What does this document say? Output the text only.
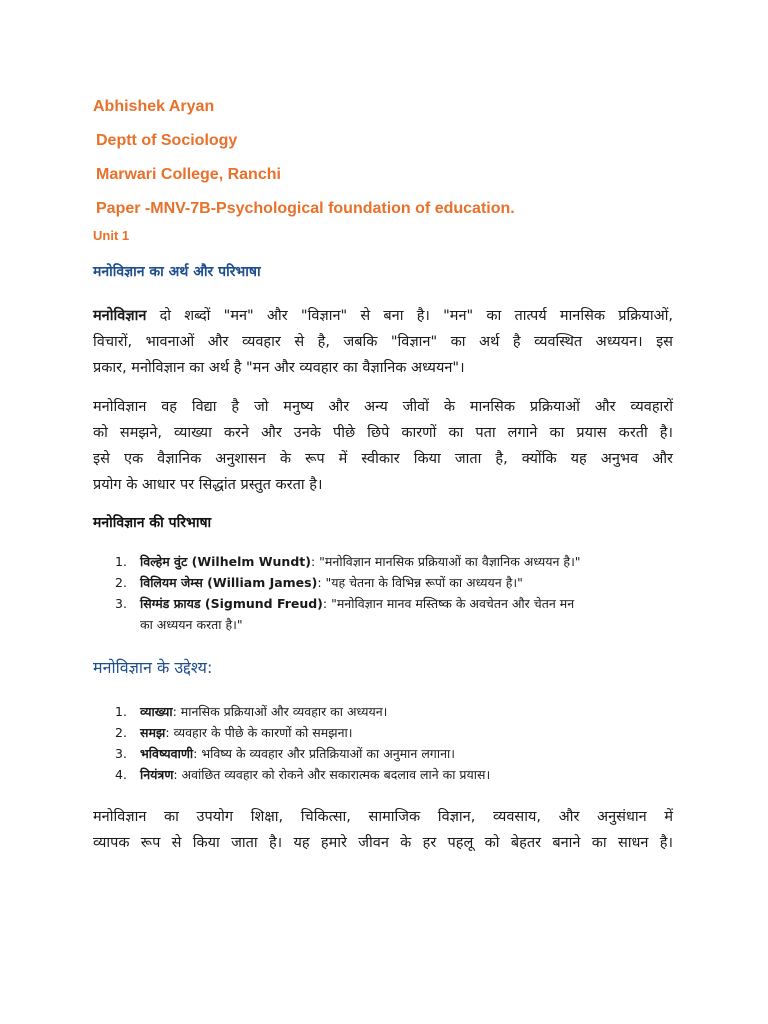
Abhishek Aryan
Deptt of Sociology
Marwari College, Ranchi
Paper -MNV-7B-Psychological foundation of education.
Unit 1
मनोविज्ञान का अर्थ और परिभाषा
मनोविज्ञान दो शब्दों "मन" और "विज्ञान" से बना है। "मन" का तात्पर्य मानसिक प्रक्रियाओं,
विचारों, भावनाओं और व्यवहार से है, जबकि "विज्ञान" का अर्थ है व्यवस्थित अध्ययन। इस
प्रकार, मनोविज्ञान का अर्थ है "मन और व्यवहार का वैज्ञानिक अध्ययन"।
मनोविज्ञान वह विद्या है जो मनुष्य और अन्य जीवों के मानसिक प्रक्रियाओं और व्यवहारों
को समझने, व्याख्या करने और उनके पीछे छिपे कारणों का पता लगाने का प्रयास करती है।
इसे एक वैज्ञानिक अनुशासन के रूप में स्वीकार किया जाता है, क्योंकि यह अनुभव और
प्रयोग के आधार पर सिद्धांत प्रस्तुत करता है।
मनोविज्ञान की परिभाषा
1. विल्हेम वुंट (Wilhelm Wundt): "मनोविज्ञान मानसिक प्रक्रियाओं का वैज्ञानिक अध्ययन है।"
2. विलियम जेम्स (William James): "यह चेतना के विभिन्न रूपों का अध्ययन है।"
3. सिग्मंड फ्रायड (Sigmund Freud): "मनोविज्ञान मानव मस्तिष्क के अवचेतन और चेतन मन
का अध्ययन करता है।"
मनोविज्ञान के उद्देश्य:
1. व्याख्या: मानसिक प्रक्रियाओं और व्यवहार का अध्ययन।
2. समझ: व्यवहार के पीछे के कारणों को समझना।
3. भविष्यवाणी: भविष्य के व्यवहार और प्रतिक्रियाओं का अनुमान लगाना।
4. नियंत्रण: अवांछित व्यवहार को रोकने और सकारात्मक बदलाव लाने का प्रयास।
मनोविज्ञान का उपयोग शिक्षा, चिकित्सा, सामाजिक विज्ञान, व्यवसाय, और अनुसंधान में
व्यापक रूप से किया जाता है। यह हमारे जीवन के हर पहलू को बेहतर बनाने का साधन है।
